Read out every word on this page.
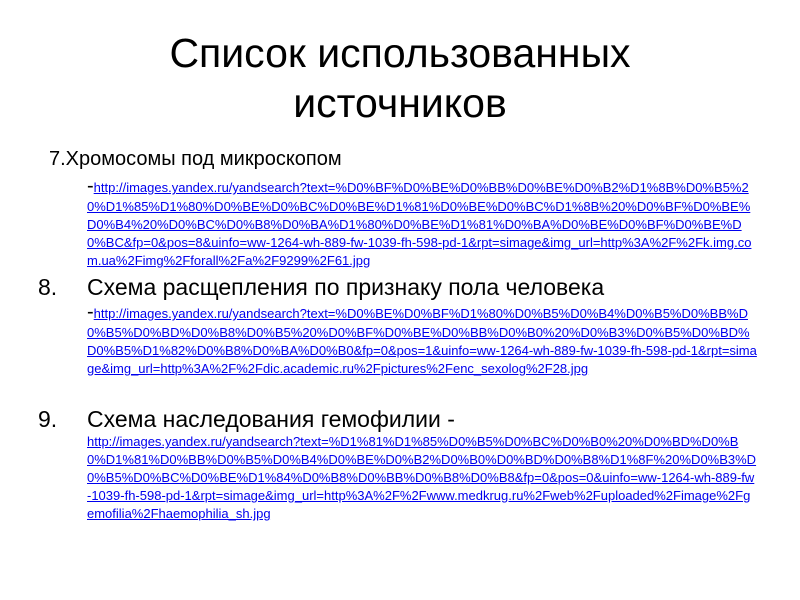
Список использованных
источников
7.Хромосомы под микроскопом
-http://images.yandex.ru/yandsearch?text=%D0%BF%D0%BE%D0%BB%D0%BE%D0%B2%D1%8B%D0%B5%20%D1%85%D1%80%D0%BE%D0%BC%D0%BE%D1%81%D0%BE%D0%BC%D1%8B%20%D0%BF%D0%BE%D0%B4%20%D0%BC%D0%B8%D0%BA%D1%80%D0%BE%D1%81%D0%BA%D0%BE%D0%BF%D0%BE%D0%BC&fp=0&pos=8&uinfo=ww-1264-wh-889-fw-1039-fh-598-pd-1&rpt=simage&img_url=http%3A%2F%2Fk.img.com.ua%2Fimg%2Fforall%2Fa%2F9299%2F61.jpg
8. Схема расщепления по признаку пола человека
-http://images.yandex.ru/yandsearch?text=%D0%BE%D0%BF%D1%80%D0%B5%D0%B4%D0%B5%D0%BB%D0%B5%D0%BD%D0%B8%D0%B5%20%D0%BF%D0%BE%D0%BB%D0%B0%20%D0%B3%D0%B5%D0%BD%D0%B5%D1%82%D0%B8%D0%BA%D0%B0&fp=0&pos=1&uinfo=ww-1264-wh-889-fw-1039-fh-598-pd-1&rpt=simage&img_url=http%3A%2F%2Fdic.academic.ru%2Fpictures%2Fenc_sexolog%2F28.jpg
9. Схема наследования гемофилии -
http://images.yandex.ru/yandsearch?text=%D1%81%D1%85%D0%B5%D0%BC%D0%B0%20%D0%BD%D0%B0%D1%81%D0%BB%D0%B5%D0%B4%D0%BE%D0%B2%D0%B0%D0%BD%D0%B8%D1%8F%20%D0%B3%D0%B5%D0%BC%D0%BE%D1%84%D0%B8%D0%BB%D0%B8%D0%B8&fp=0&pos=0&uinfo=ww-1264-wh-889-fw-1039-fh-598-pd-1&rpt=simage&img_url=http%3A%2F%2Fwww.medkrug.ru%2Fweb%2Fuploaded%2Fimage%2Fgemofilia%2Fhaemophilia_sh.jpg
